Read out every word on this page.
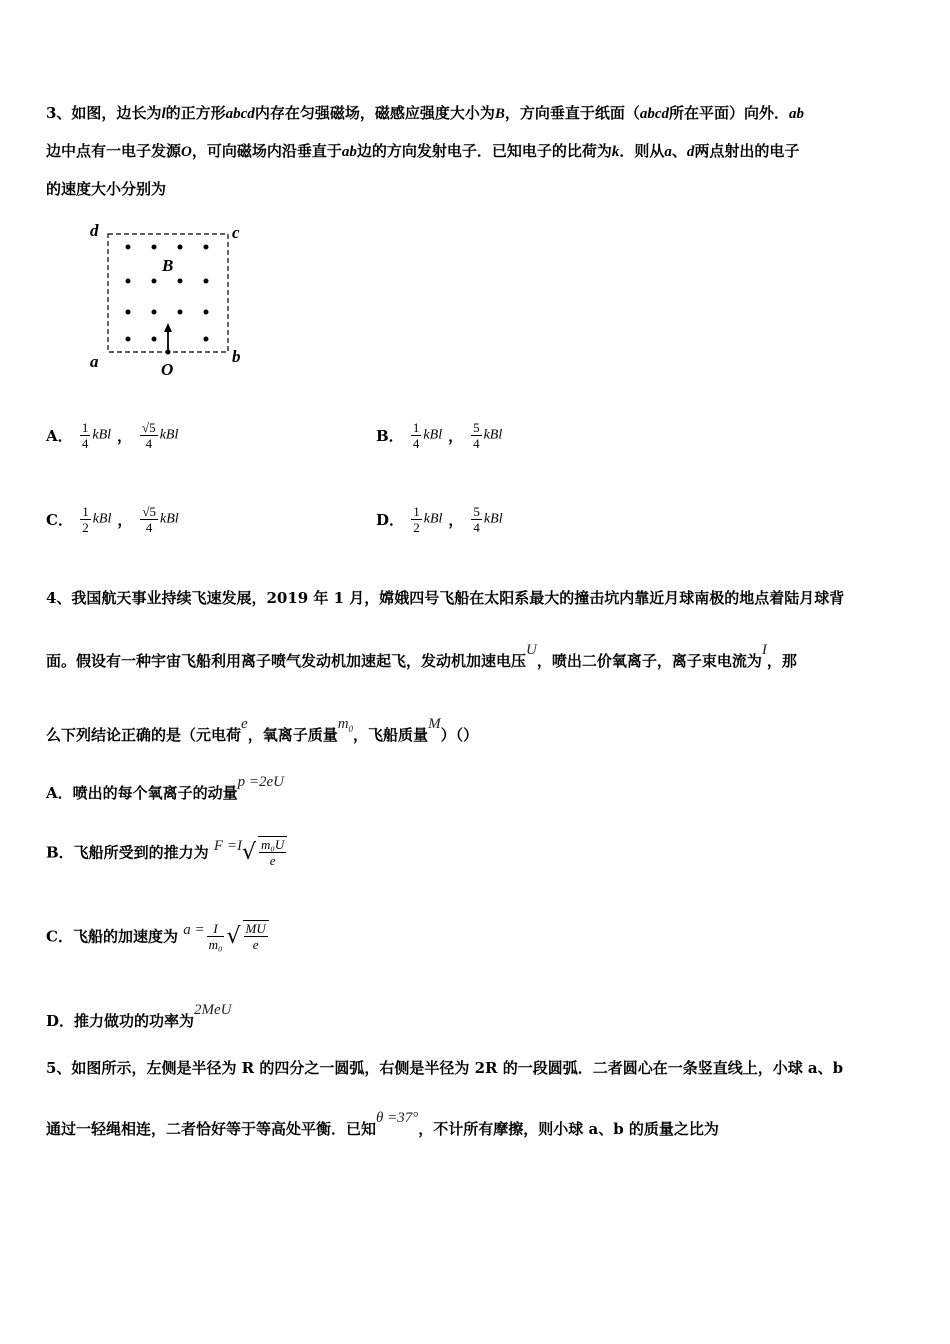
3、如图，边长为l的正方形abcd内存在匀强磁场，磁感应强度大小为B，方向垂直于纸面（abcd所在平面）向外．ab
边中点有一电子发源O，可向磁场内沿垂直于ab边的方向发射电子．已知电子的比荷为k．则从a、d两点射出的电子
的速度大小分别为
d	c
a	b
B
O
A． $\frac{1}{4}$ kBl ， $\frac{√5}{4}$ kBl	B． $\frac{1}{4}$ kBl ， $\frac{5}{4}$ kBl
C． $\frac{1}{2}$ kBl ， $\frac{√5}{4}$ kBl	D． $\frac{1}{2}$ kBl ， $\frac{5}{4}$ kBl
4、我国航天事业持续飞速发展，2019 年 1 月，嫦娥四号飞船在太阳系最大的撞击坑内靠近月球南极的地点着陆月球背
面。假设有一种宇宙飞船利用离子喷气发动机加速起飞，发动机加速电压U，喷出二价氧离子，离子束电流为I，那
么下列结论正确的是（元电荷e，氧离子质量$m_0$，飞船质量M）（）
A．喷出的每个氧离子的动量p =2eU
B．飞船所受到的推力为 $F =I√ \frac{\text{m₀U}}{e}$
C．飞船的加速度为 $a = \frac{I}{\text{m₀}}$ √ $\frac{MU}{e}$
D．推力做功的功率为2MeU
5、如图所示，左侧是半径为 R 的四分之一圆弧，右侧是半径为 2R 的一段圆弧．二者圆心在一条竖直线上，小球 a、b
通过一轻绳相连，二者恰好等于等高处平衡．已知θ =37°，不计所有摩擦，则小球 a、b 的质量之比为
